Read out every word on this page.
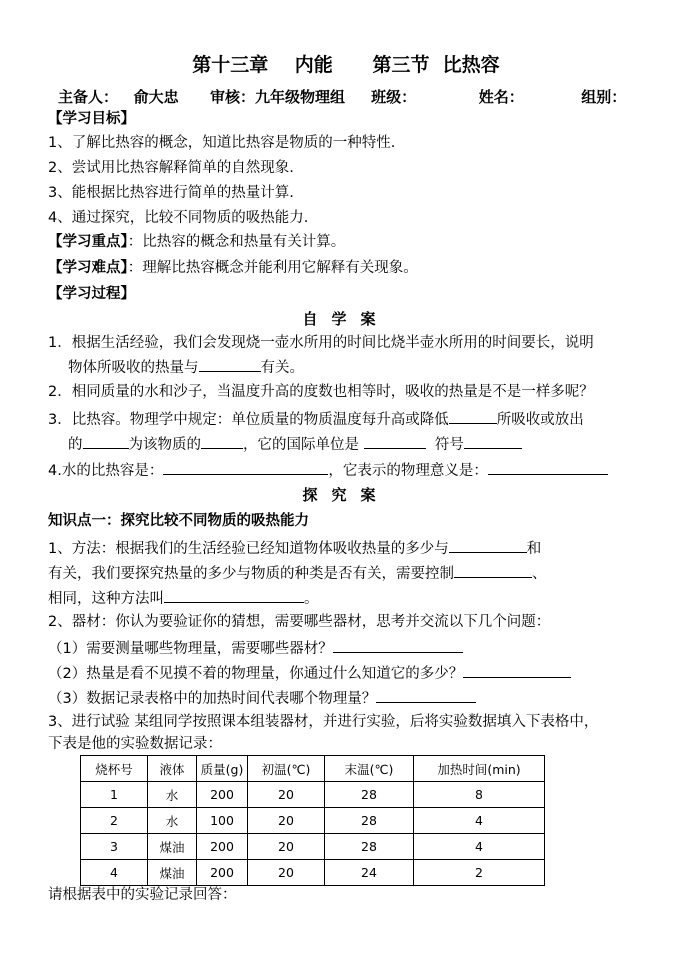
第十三章    内能      第三节  比热容
主备人：   俞大忠      审核：九年级物理组     班级：            姓名：           组别：
【学习目标】
1、了解比热容的概念，知道比热容是物质的一种特性.
2、尝试用比热容解释简单的自然现象.
3、能根据比热容进行简单的热量计算.
4、通过探究，比较不同物质的吸热能力.
【学习重点】：比热容的概念和热量有关计算。
【学习难点】：理解比热容概念并能利用它解释有关现象。
【学习过程】
自学案
1．根据生活经验，我们会发现烧一壶水所用的时间比烧半壶水所用的时间要长，说明
物体所吸收的热量与	有关。
2．相同质量的水和沙子，当温度升高的度数也相等时，吸收的热量是不是一样多呢？
3．比热容。物理学中规定：单位质量的物质温度每升高或降低	所吸收或放出
的	为该物质的	，它的国际单位是	符号
4.水的比热容是：	，它表示的物理意义是：
探究案
知识点一：探究比较不同物质的吸热能力
1、方法：根据我们的生活经验已经知道物体吸收热量的多少与	和
有关，我们要探究热量的多少与物质的种类是否有关，需要控制	、
相同，这种方法叫	。
2、器材：你认为要验证你的猜想，需要哪些器材，思考并交流以下几个问题：
（1）需要测量哪些物理量，需要哪些器材？
（2）热量是看不见摸不着的物理量，你通过什么知道它的多少？
（3）数据记录表格中的加热时间代表哪个物理量？
3、进行试验 某组同学按照课本组装器材，并进行实验，后将实验数据填入下表格中，
下表是他的实验数据记录：
烧杯号	液体	质量(g)	初温(℃)	末温(℃)	加热时间(min)
1	水	200	20	28	8
2	水	100	20	28	4
3	煤油	200	20	28	4
4	煤油	200	20	24	2
请根据表中的实验记录回答：
